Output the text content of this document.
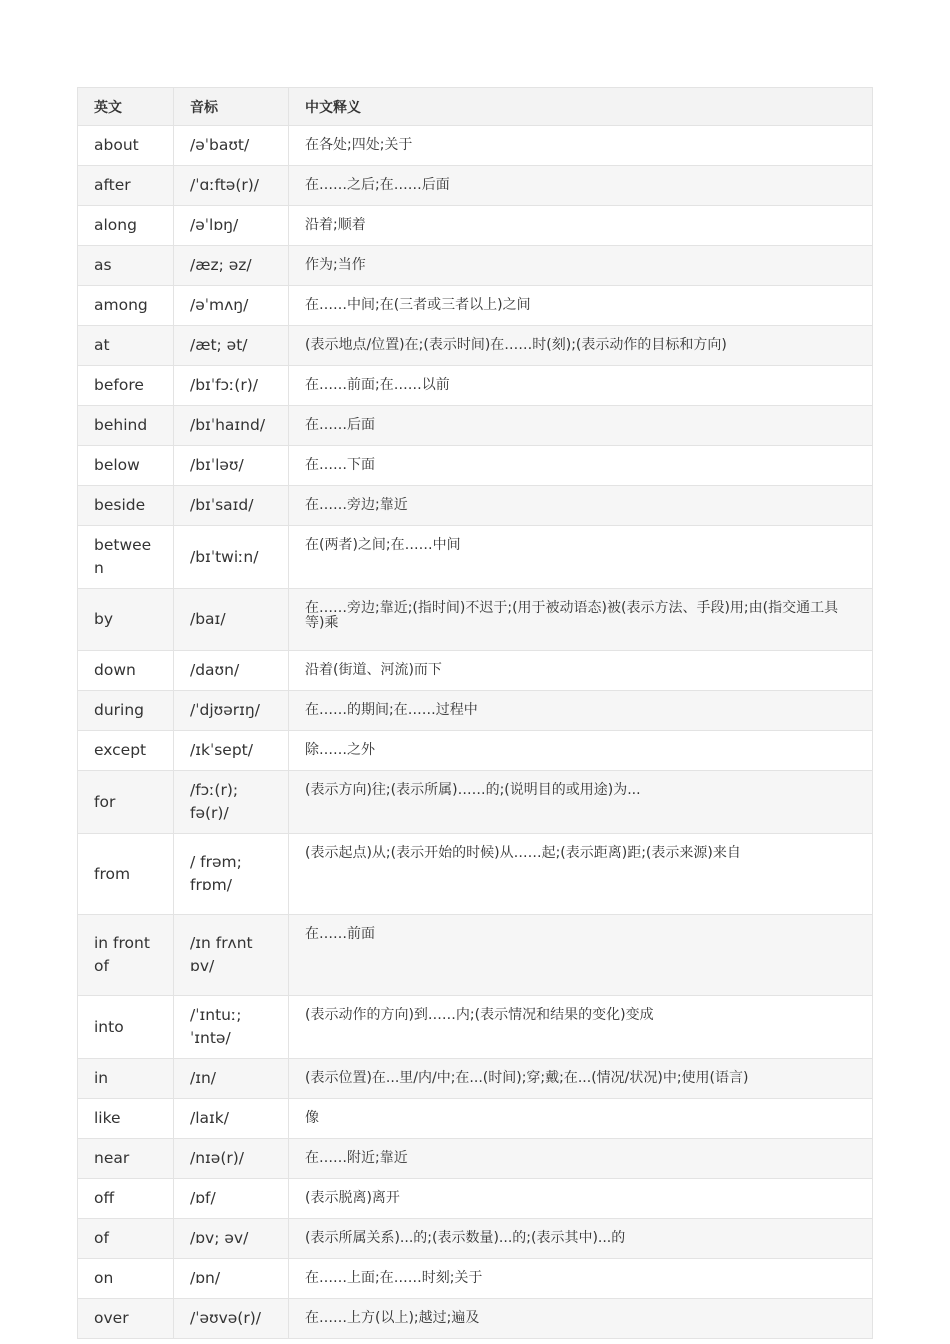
英文	音标	中文释义
about	/əˈbaʊt/	在各处;四处;关于
after	/ˈɑːftə(r)/	在……之后;在……后面
along	/əˈlɒŋ/	沿着;顺着
as	/æz; əz/	作为;当作
among	/əˈmʌŋ/	在……中间;在(三者或三者以上)之间
at	/æt; ət/	(表示地点/位置)在;(表示时间)在……时(刻);(表示动作的目标和方向)
before	/bɪˈfɔː(r)/	在……前面;在……以前
behind	/bɪˈhaɪnd/	在……后面
below	/bɪˈləʊ/	在……下面
beside	/bɪˈsaɪd/	在……旁边;靠近
between	/bɪˈtwiːn/	在(两者)之间;在……中间
by	/baɪ/	在……旁边;靠近;(指时间)不迟于;(用于被动语态)被(表示方法、手段)用;由(指交通工具等)乘
down	/daʊn/	沿着(街道、河流)而下
during	/ˈdjʊərɪŋ/	在……的期间;在……过程中
except	/ɪkˈsept/	除……之外
for	/fɔː(r); fə(r)/	(表示方向)往;(表示所属)……的;(说明目的或用途)为...
from	/ frəm; frɒm/	(表示起点)从;(表示开始的时候)从……起;(表示距离)距;(表示来源)来自
in front of	/ɪn frʌnt ɒv/	在……前面
into	/ˈɪntuː; ˈɪntə/	(表示动作的方向)到……内;(表示情况和结果的变化)变成
in	/ɪn/	(表示位置)在...里/内/中;在...(时间);穿;戴;在...(情况/状况)中;使用(语言)
like	/laɪk/	像
near	/nɪə(r)/	在……附近;靠近
off	/ɒf/	(表示脱离)离开
of	/ɒv; əv/	(表示所属关系)...的;(表示数量)...的;(表示其中)...的
on	/ɒn/	在……上面;在……时刻;关于
over	/ˈəʊvə(r)/	在……上方(以上);越过;遍及
